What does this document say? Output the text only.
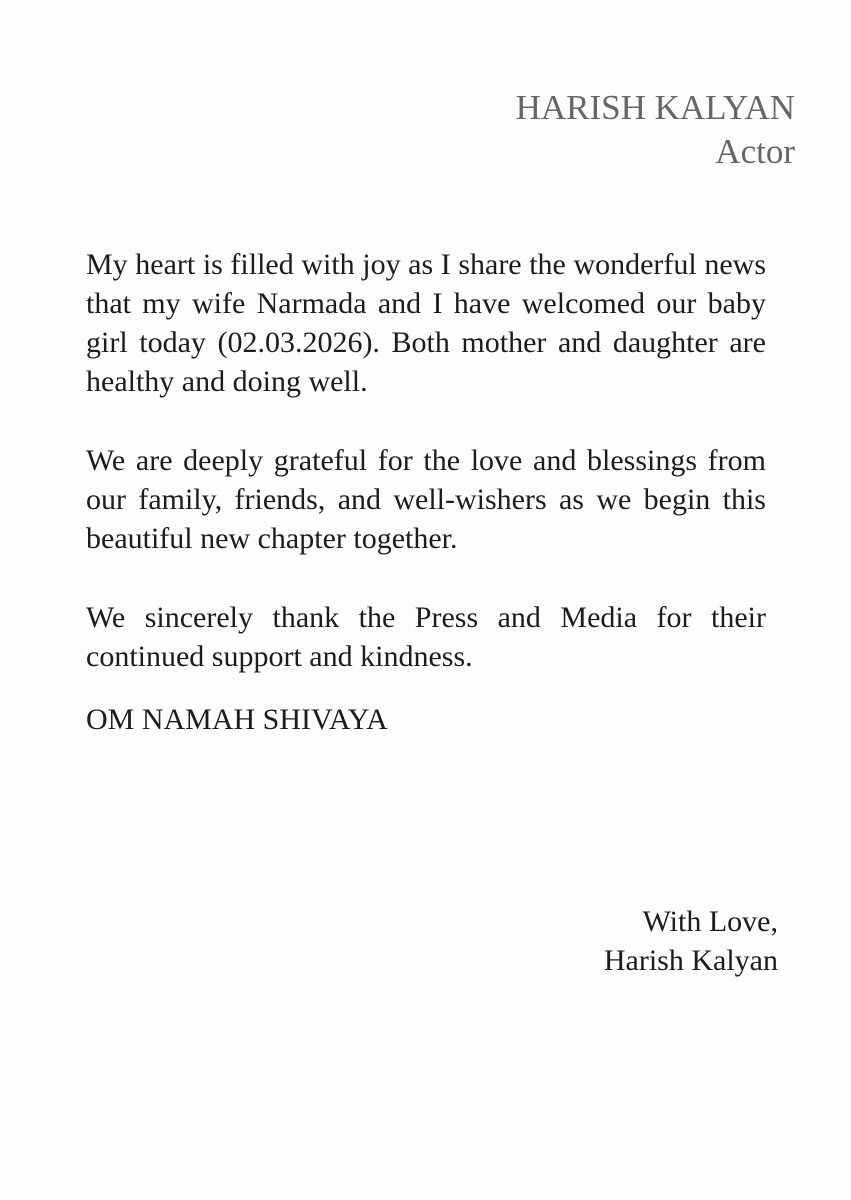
HARISH KALYAN
Actor

My heart is filled with joy as I share the wonderful news that my wife Narmada and I have welcomed our baby girl today (02.03.2026). Both mother and daughter are healthy and doing well.

We are deeply grateful for the love and blessings from our family, friends, and well-wishers as we begin this beautiful new chapter together.

We sincerely thank the Press and Media for their continued support and kindness.

OM NAMAH SHIVAYA

With Love,
Harish Kalyan
